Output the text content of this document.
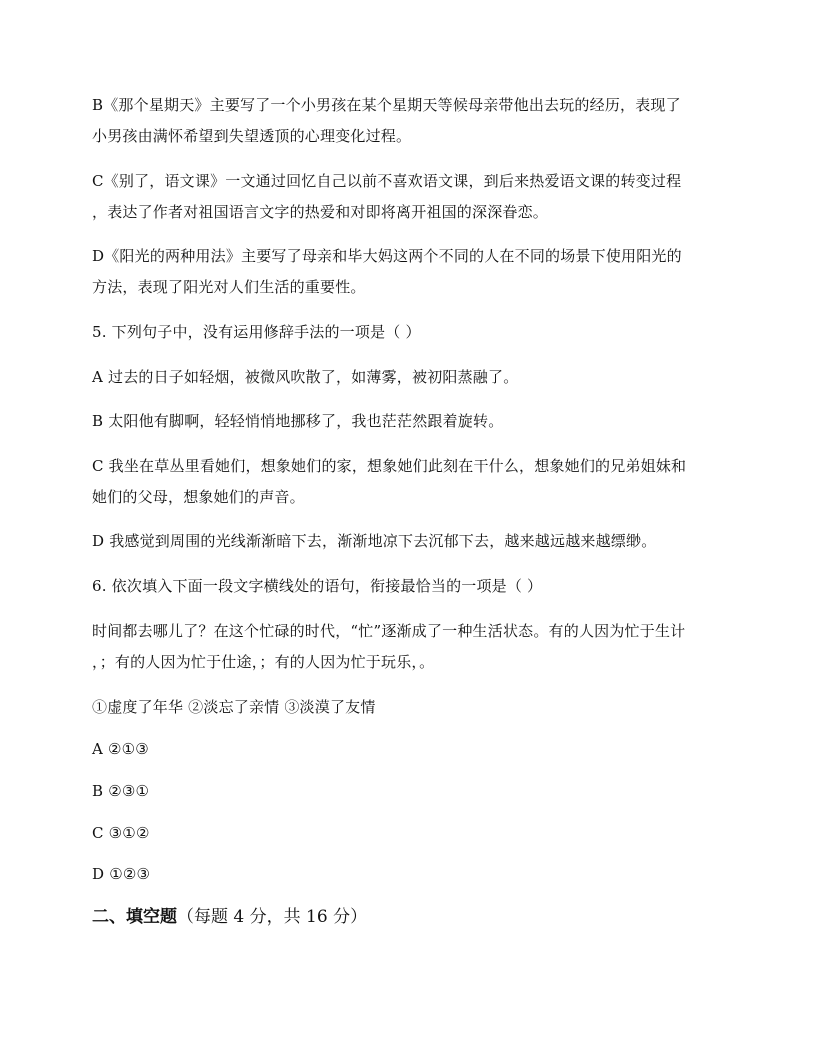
B《那个星期天》主要写了一个小男孩在某个星期天等候母亲带他出去玩的经历，表现了
小男孩由满怀希望到失望透顶的心理变化过程。
C《别了，语文课》一文通过回忆自己以前不喜欢语文课，到后来热爱语文课的转变过程
，表达了作者对祖国语言文字的热爱和对即将离开祖国的深深眷恋。
D《阳光的两种用法》主要写了母亲和毕大妈这两个不同的人在不同的场景下使用阳光的
方法，表现了阳光对人们生活的重要性。
5. 下列句子中，没有运用修辞手法的一项是（ ）
A 过去的日子如轻烟，被微风吹散了，如薄雾，被初阳蒸融了。
B 太阳他有脚啊，轻轻悄悄地挪移了，我也茫茫然跟着旋转。
C 我坐在草丛里看她们，想象她们的家，想象她们此刻在干什么，想象她们的兄弟姐妹和
她们的父母，想象她们的声音。
D 我感觉到周围的光线渐渐暗下去，渐渐地凉下去沉郁下去，越来越远越来越缥缈。
6. 依次填入下面一段文字横线处的语句，衔接最恰当的一项是（ ）
时间都去哪儿了？在这个忙碌的时代，“忙”逐渐成了一种生活状态。有的人因为忙于生计
，；有的人因为忙于仕途，；有的人因为忙于玩乐，。
①虚度了年华 ②淡忘了亲情 ③淡漠了友情
A ②①③
B ②③①
C ③①②
D ①②③
二、填空题（每题 4 分，共 16 分）
